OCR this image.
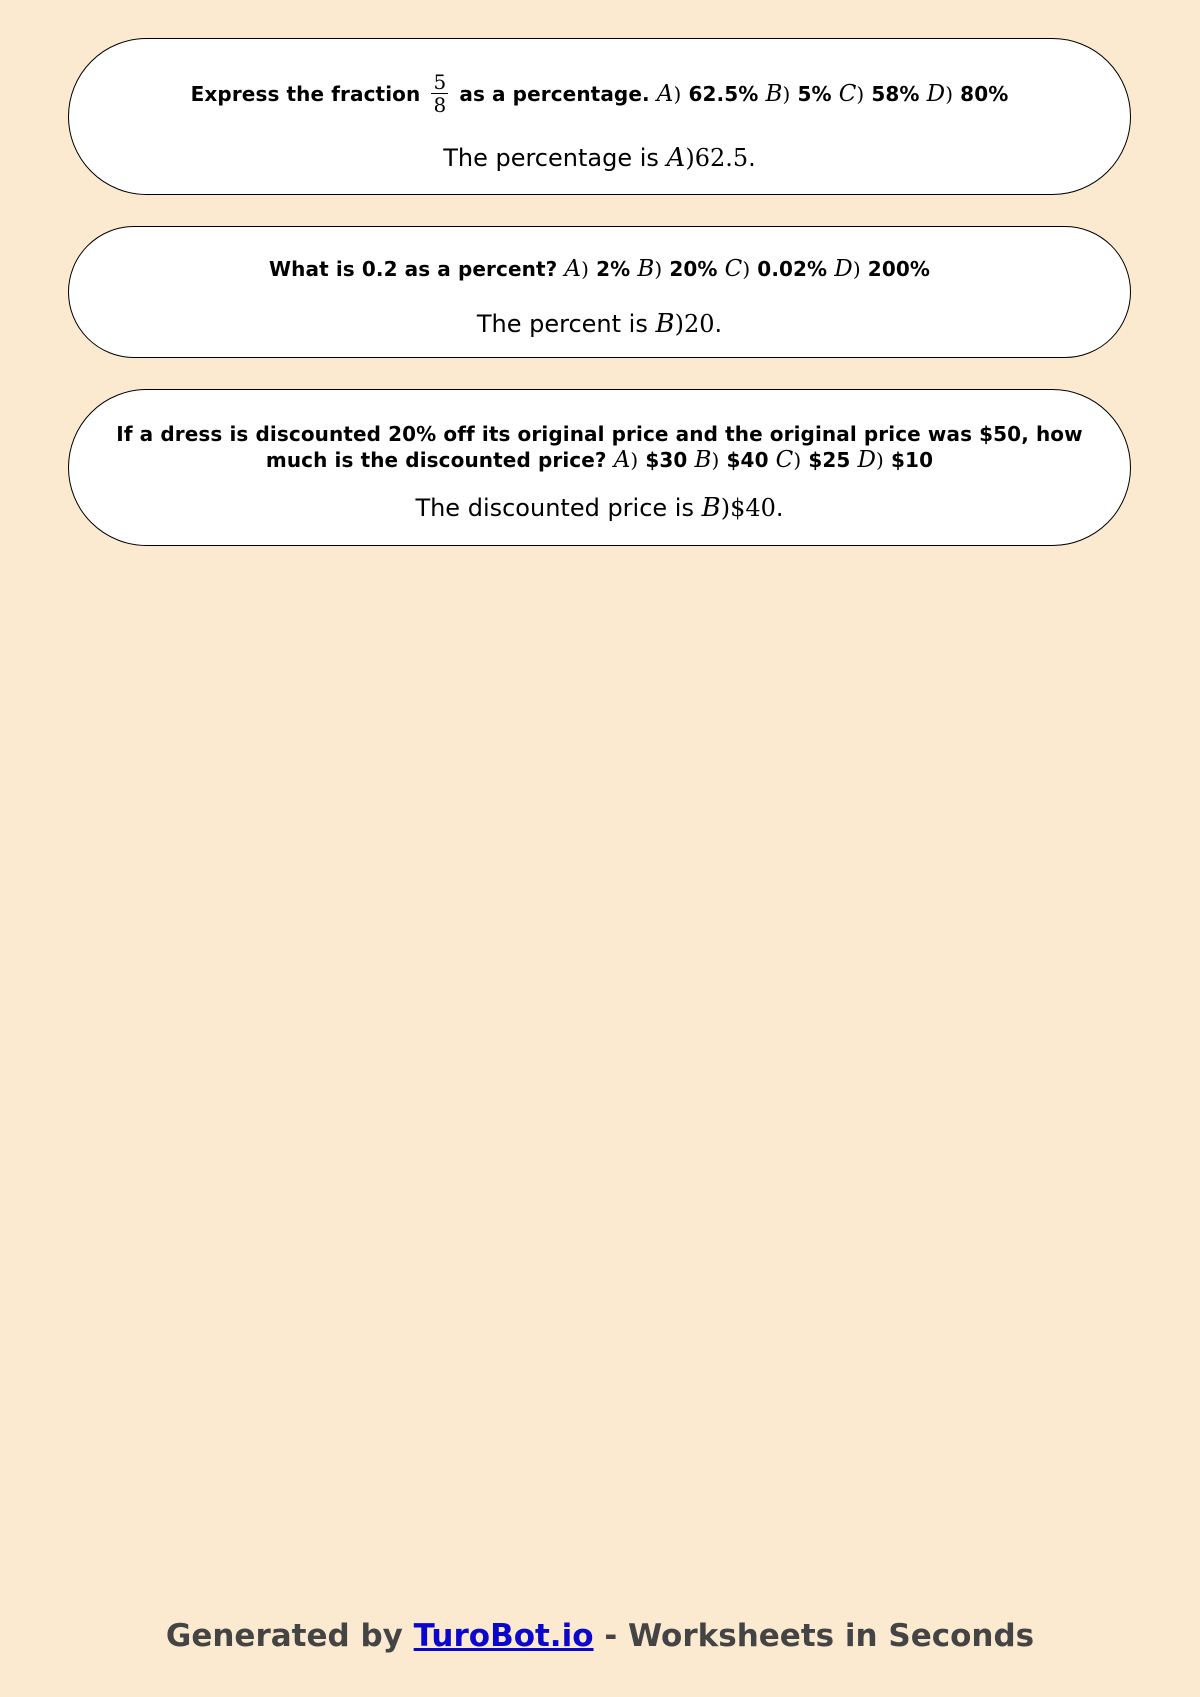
Express the fraction $\frac{5}{8}$ as a percentage. A) 62.5% B) 5% C) 58% D) 80%
The percentage is A)62.5.
What is 0.2 as a percent? A) 2% B) 20% C) 0.02% D) 200%
The percent is B)20.
If a dress is discounted 20% off its original price and the original price was $50, how
much is the discounted price? A) $30 B) $40 C) $25 D) $10
The discounted price is B)$40.
Generated by TuroBot.io - Worksheets in Seconds
